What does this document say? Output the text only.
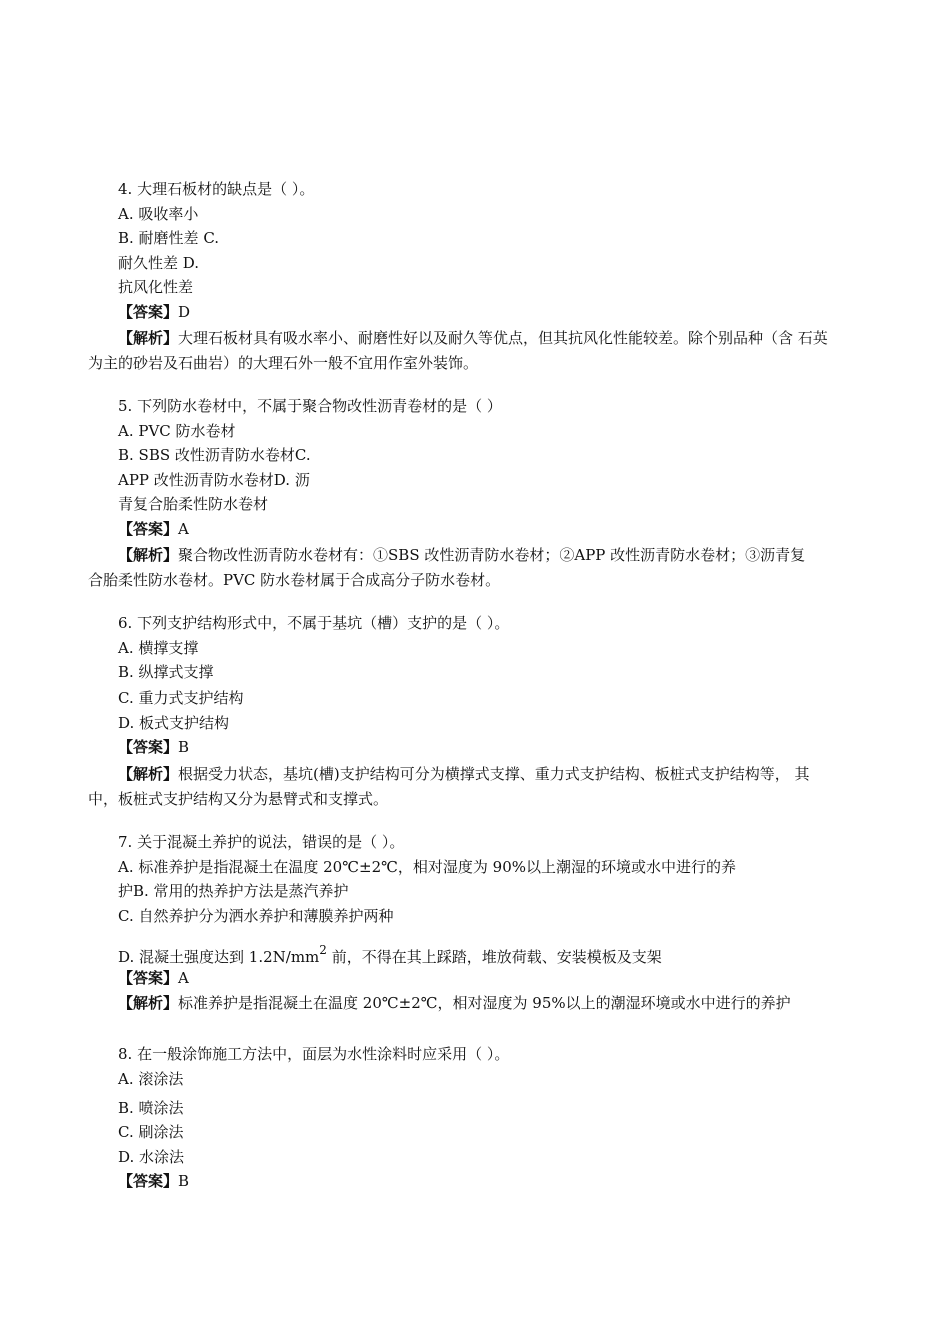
4. 大理石板材的缺点是（ ）。
A. 吸收率小
B. 耐磨性差 C.
耐久性差 D.
抗风化性差
【答案】D
【解析】大理石板材具有吸水率小、耐磨性好以及耐久等优点，但其抗风化性能较差。除个别品种（含 石英
为主的砂岩及石曲岩）的大理石外一般不宜用作室外装饰。
5. 下列防水卷材中，不属于聚合物改性沥青卷材的是（ ）
A. PVC 防水卷材
B. SBS 改性沥青防水卷材C.
APP 改性沥青防水卷材D. 沥
青复合胎柔性防水卷材
【答案】A
【解析】聚合物改性沥青防水卷材有：①SBS 改性沥青防水卷材；②APP 改性沥青防水卷材；③沥青复
合胎柔性防水卷材。PVC 防水卷材属于合成高分子防水卷材。
6. 下列支护结构形式中，不属于基坑（槽）支护的是（ ）。
A. 横撑支撑
B. 纵撑式支撑
C. 重力式支护结构
D. 板式支护结构
【答案】B
【解析】根据受力状态，基坑(槽)支护结构可分为横撑式支撑、重力式支护结构、板桩式支护结构等， 其
中，板桩式支护结构又分为悬臂式和支撑式。
7. 关于混凝土养护的说法，错误的是（ ）。
A. 标准养护是指混凝土在温度 20℃±2℃，相对湿度为 90%以上潮湿的环境或水中进行的养
护B. 常用的热养护方法是蒸汽养护
C. 自然养护分为洒水养护和薄膜养护两种
D. 混凝土强度达到 $1.2N/mm^2$ 前，不得在其上踩踏，堆放荷载、安装模板及支架
【答案】A
【解析】标准养护是指混凝土在温度 20℃±2℃，相对湿度为 95%以上的潮湿环境或水中进行的养护
8. 在一般涂饰施工方法中，面层为水性涂料时应采用（ ）。
A. 滚涂法
B. 喷涂法
C. 刷涂法
D. 水涂法
【答案】B
